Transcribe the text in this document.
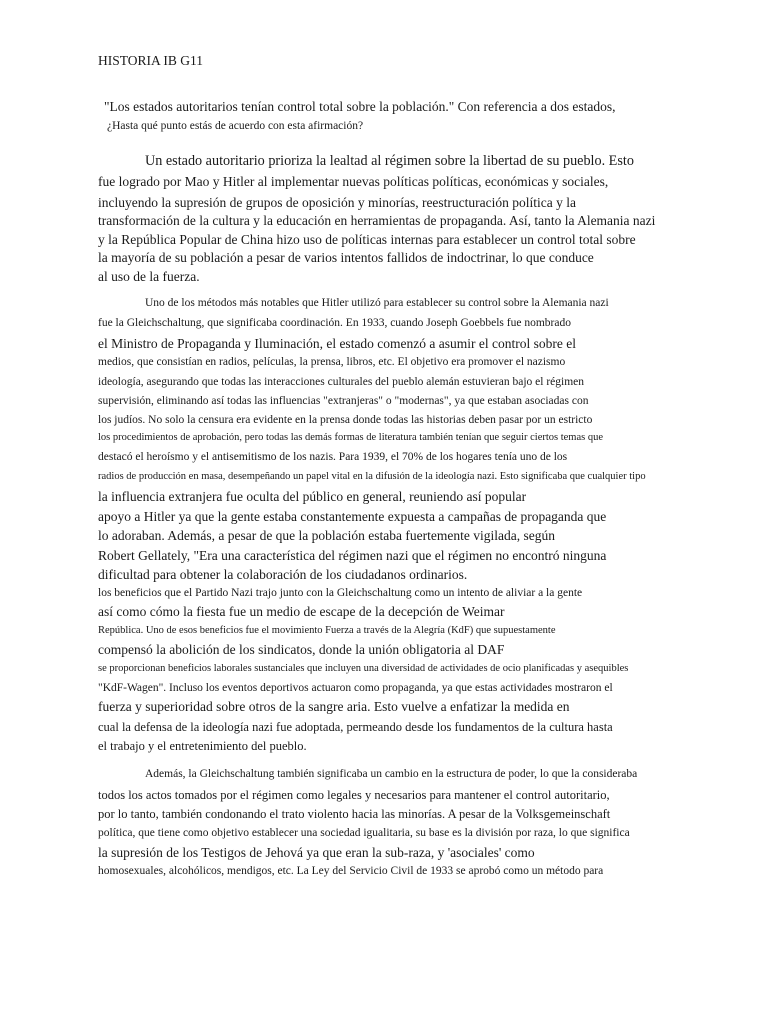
HISTORIA IB G11
"Los estados autoritarios tenían control total sobre la población." Con referencia a dos estados,
¿Hasta qué punto estás de acuerdo con esta afirmación?
Un estado autoritario prioriza la lealtad al régimen sobre la libertad de su pueblo. Esto
fue logrado por Mao y Hitler al implementar nuevas políticas políticas, económicas y sociales,
incluyendo la supresión de grupos de oposición y minorías, reestructuración política y la
transformación de la cultura y la educación en herramientas de propaganda. Así, tanto la Alemania nazi
y la República Popular de China hizo uso de políticas internas para establecer un control total sobre
la mayoría de su población a pesar de varios intentos fallidos de indoctrinar, lo que conduce
al uso de la fuerza.
Uno de los métodos más notables que Hitler utilizó para establecer su control sobre la Alemania nazi
fue la Gleichschaltung, que significaba coordinación. En 1933, cuando Joseph Goebbels fue nombrado
el Ministro de Propaganda y Iluminación, el estado comenzó a asumir el control sobre el
medios, que consistían en radios, películas, la prensa, libros, etc. El objetivo era promover el nazismo
ideología, asegurando que todas las interacciones culturales del pueblo alemán estuvieran bajo el régimen
supervisión, eliminando así todas las influencias "extranjeras" o "modernas", ya que estaban asociadas con
los judíos. No solo la censura era evidente en la prensa donde todas las historias deben pasar por un estricto
los procedimientos de aprobación, pero todas las demás formas de literatura también tenían que seguir ciertos temas que
destacó el heroísmo y el antisemitismo de los nazis. Para 1939, el 70% de los hogares tenía uno de los
radios de producción en masa, desempeñando un papel vital en la difusión de la ideología nazi. Esto significaba que cualquier tipo
la influencia extranjera fue oculta del público en general, reuniendo así popular
apoyo a Hitler ya que la gente estaba constantemente expuesta a campañas de propaganda que
lo adoraban. Además, a pesar de que la población estaba fuertemente vigilada, según
Robert Gellately, "Era una característica del régimen nazi que el régimen no encontró ninguna
dificultad para obtener la colaboración de los ciudadanos ordinarios.
los beneficios que el Partido Nazi trajo junto con la Gleichschaltung como un intento de aliviar a la gente
así como cómo la fiesta fue un medio de escape de la decepción de Weimar
República. Uno de esos beneficios fue el movimiento Fuerza a través de la Alegría (KdF) que supuestamente
compensó la abolición de los sindicatos, donde la unión obligatoria al DAF
se proporcionan beneficios laborales sustanciales que incluyen una diversidad de actividades de ocio planificadas y asequibles
"KdF-Wagen". Incluso los eventos deportivos actuaron como propaganda, ya que estas actividades mostraron el
fuerza y superioridad sobre otros de la sangre aria. Esto vuelve a enfatizar la medida en
cual la defensa de la ideología nazi fue adoptada, permeando desde los fundamentos de la cultura hasta
el trabajo y el entretenimiento del pueblo.
Además, la Gleichschaltung también significaba un cambio en la estructura de poder, lo que la consideraba
todos los actos tomados por el régimen como legales y necesarios para mantener el control autoritario,
por lo tanto, también condonando el trato violento hacia las minorías. A pesar de la Volksgemeinschaft
política, que tiene como objetivo establecer una sociedad igualitaria, su base es la división por raza, lo que significa
la supresión de los Testigos de Jehová ya que eran la sub-raza, y 'asociales' como
homosexuales, alcohólicos, mendigos, etc. La Ley del Servicio Civil de 1933 se aprobó como un método para
